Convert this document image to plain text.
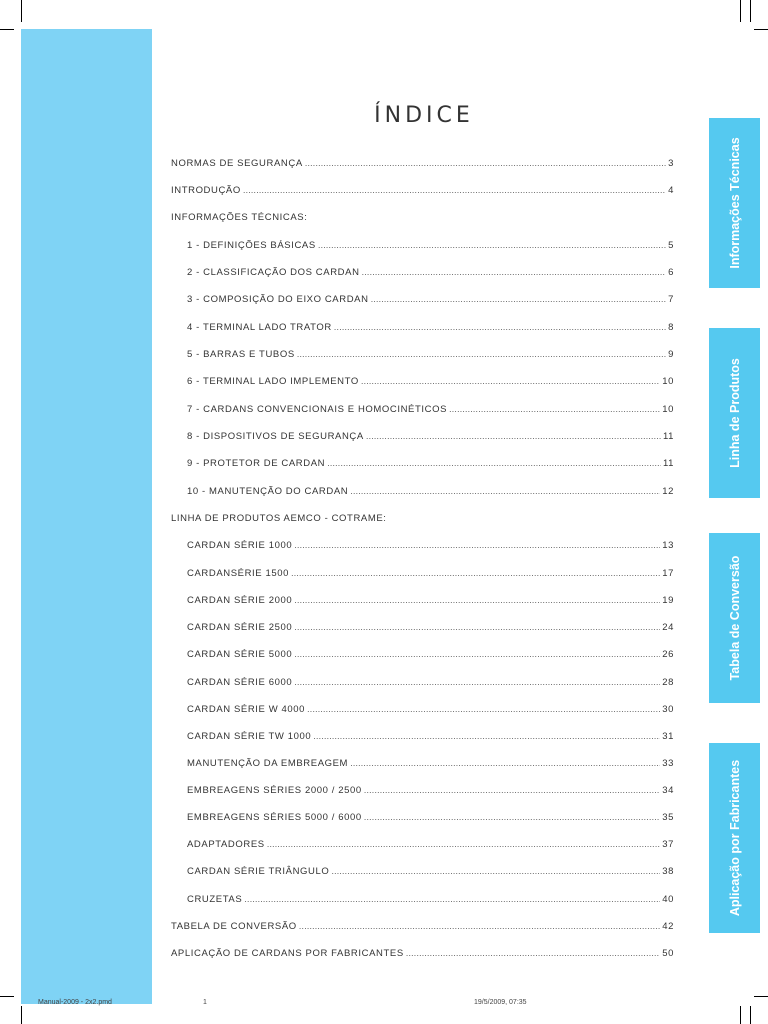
ÍNDICE
NORMAS DE SEGURANÇA .....	3
INTRODUÇÃO .....	4
INFORMAÇÕES TÉCNICAS:
1 - DEFINIÇÕES BÁSICAS .....	5
2 - CLASSIFICAÇÃO DOS CARDAN .....	6
3 - COMPOSIÇÃO DO EIXO CARDAN .....	7
4 - TERMINAL LADO TRATOR .....	8
5 - BARRAS E TUBOS .....	9
6 - TERMINAL LADO IMPLEMENTO .....	10
7 - CARDANS CONVENCIONAIS E HOMOCINÉTICOS .....	10
8 - DISPOSITIVOS DE SEGURANÇA .....	11
9 - PROTETOR DE CARDAN .....	11
10 - MANUTENÇÃO DO CARDAN .....	12
LINHA DE PRODUTOS AEMCO - COTRAME:
CARDAN SÉRIE 1000 .....	13
CARDANSÉRIE 1500 .....	17
CARDAN SÉRIE 2000 .....	19
CARDAN SÉRIE 2500 .....	24
CARDAN SÉRIE 5000 .....	26
CARDAN SÉRIE 6000 .....	28
CARDAN SÉRIE W 4000 .....	30
CARDAN SÉRIE TW 1000 .....	31
MANUTENÇÃO DA EMBREAGEM .....	33
EMBREAGENS SÉRIES 2000 / 2500 .....	34
EMBREAGENS SÉRIES 5000 / 6000 .....	35
ADAPTADORES .....	37
CARDAN SÉRIE TRIÂNGULO .....	38
CRUZETAS .....	40
TABELA DE CONVERSÃO .....	42
APLICAÇÃO DE CARDANS POR FABRICANTES .....	50
Informações Técnicas
Linha de Produtos
Tabela de Conversão
Aplicação por Fabricantes
Manual-2009 - 2x2.pmd	1	19/5/2009, 07:35
